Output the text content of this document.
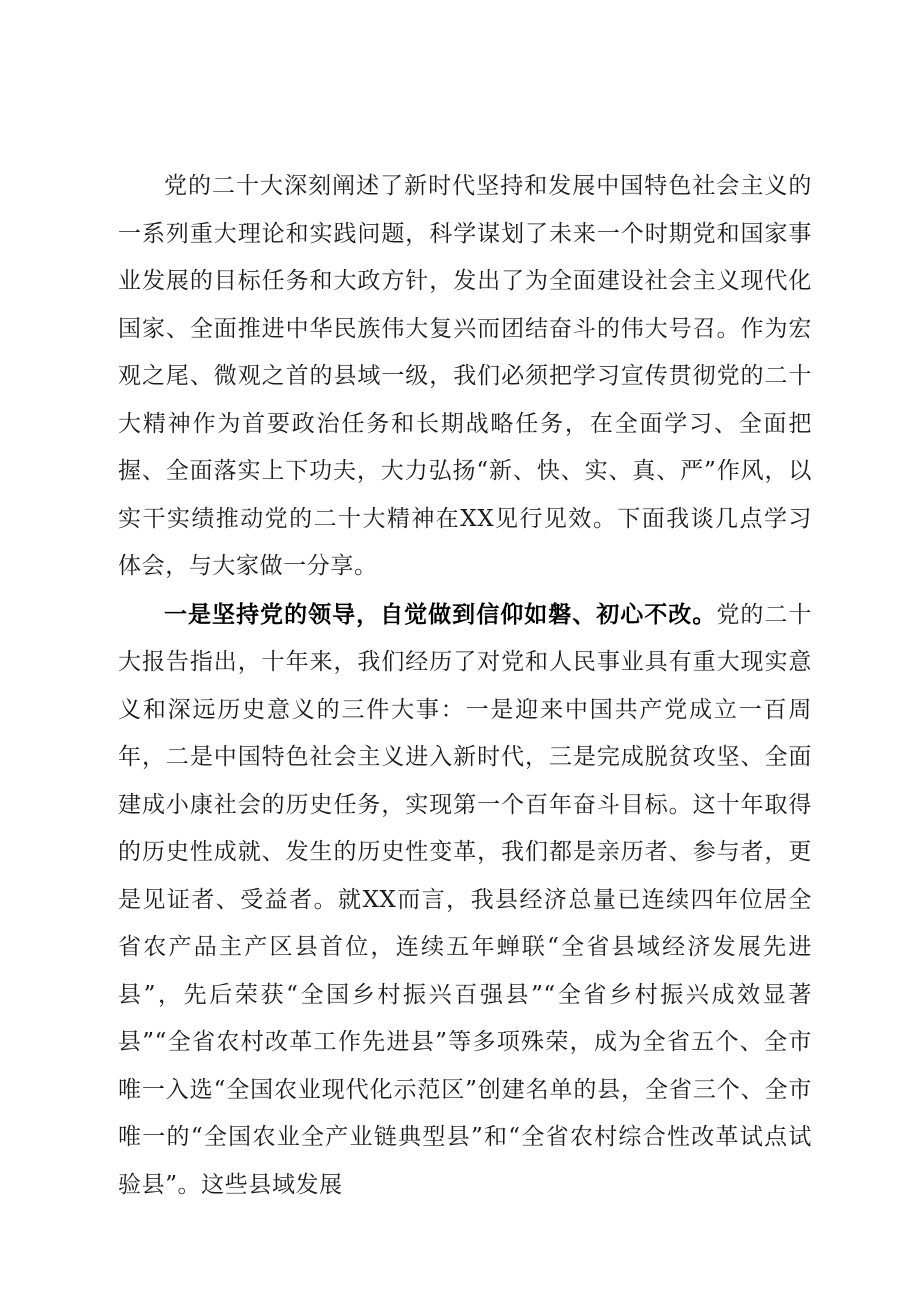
党的二十大深刻阐述了新时代坚持和发展中国特色社会主义的一系列重大理论和实践问题，科学谋划了未来一个时期党和国家事业发展的目标任务和大政方针，发出了为全面建设社会主义现代化国家、全面推进中华民族伟大复兴而团结奋斗的伟大号召。作为宏观之尾、微观之首的县域一级，我们必须把学习宣传贯彻党的二十大精神作为首要政治任务和长期战略任务，在全面学习、全面把握、全面落实上下功夫，大力弘扬“新、快、实、真、严”作风，以实干实绩推动党的二十大精神在XX见行见效。下面我谈几点学习体会，与大家做一分享。

一是坚持党的领导，自觉做到信仰如磐、初心不改。党的二十大报告指出，十年来，我们经历了对党和人民事业具有重大现实意义和深远历史意义的三件大事：一是迎来中国共产党成立一百周年，二是中国特色社会主义进入新时代，三是完成脱贫攻坚、全面建成小康社会的历史任务，实现第一个百年奋斗目标。这十年取得的历史性成就、发生的历史性变革，我们都是亲历者、参与者，更是见证者、受益者。就XX而言，我县经济总量已连续四年位居全省农产品主产区县首位，连续五年蝉联“全省县域经济发展先进县”，先后荣获“全国乡村振兴百强县”“全省乡村振兴成效显著县”“全省农村改革工作先进县”等多项殊荣，成为全省五个、全市唯一入选“全国农业现代化示范区”创建名单的县，全省三个、全市唯一的“全国农业全产业链典型县”和“全省农村综合性改革试点试验县”。这些县域发展
